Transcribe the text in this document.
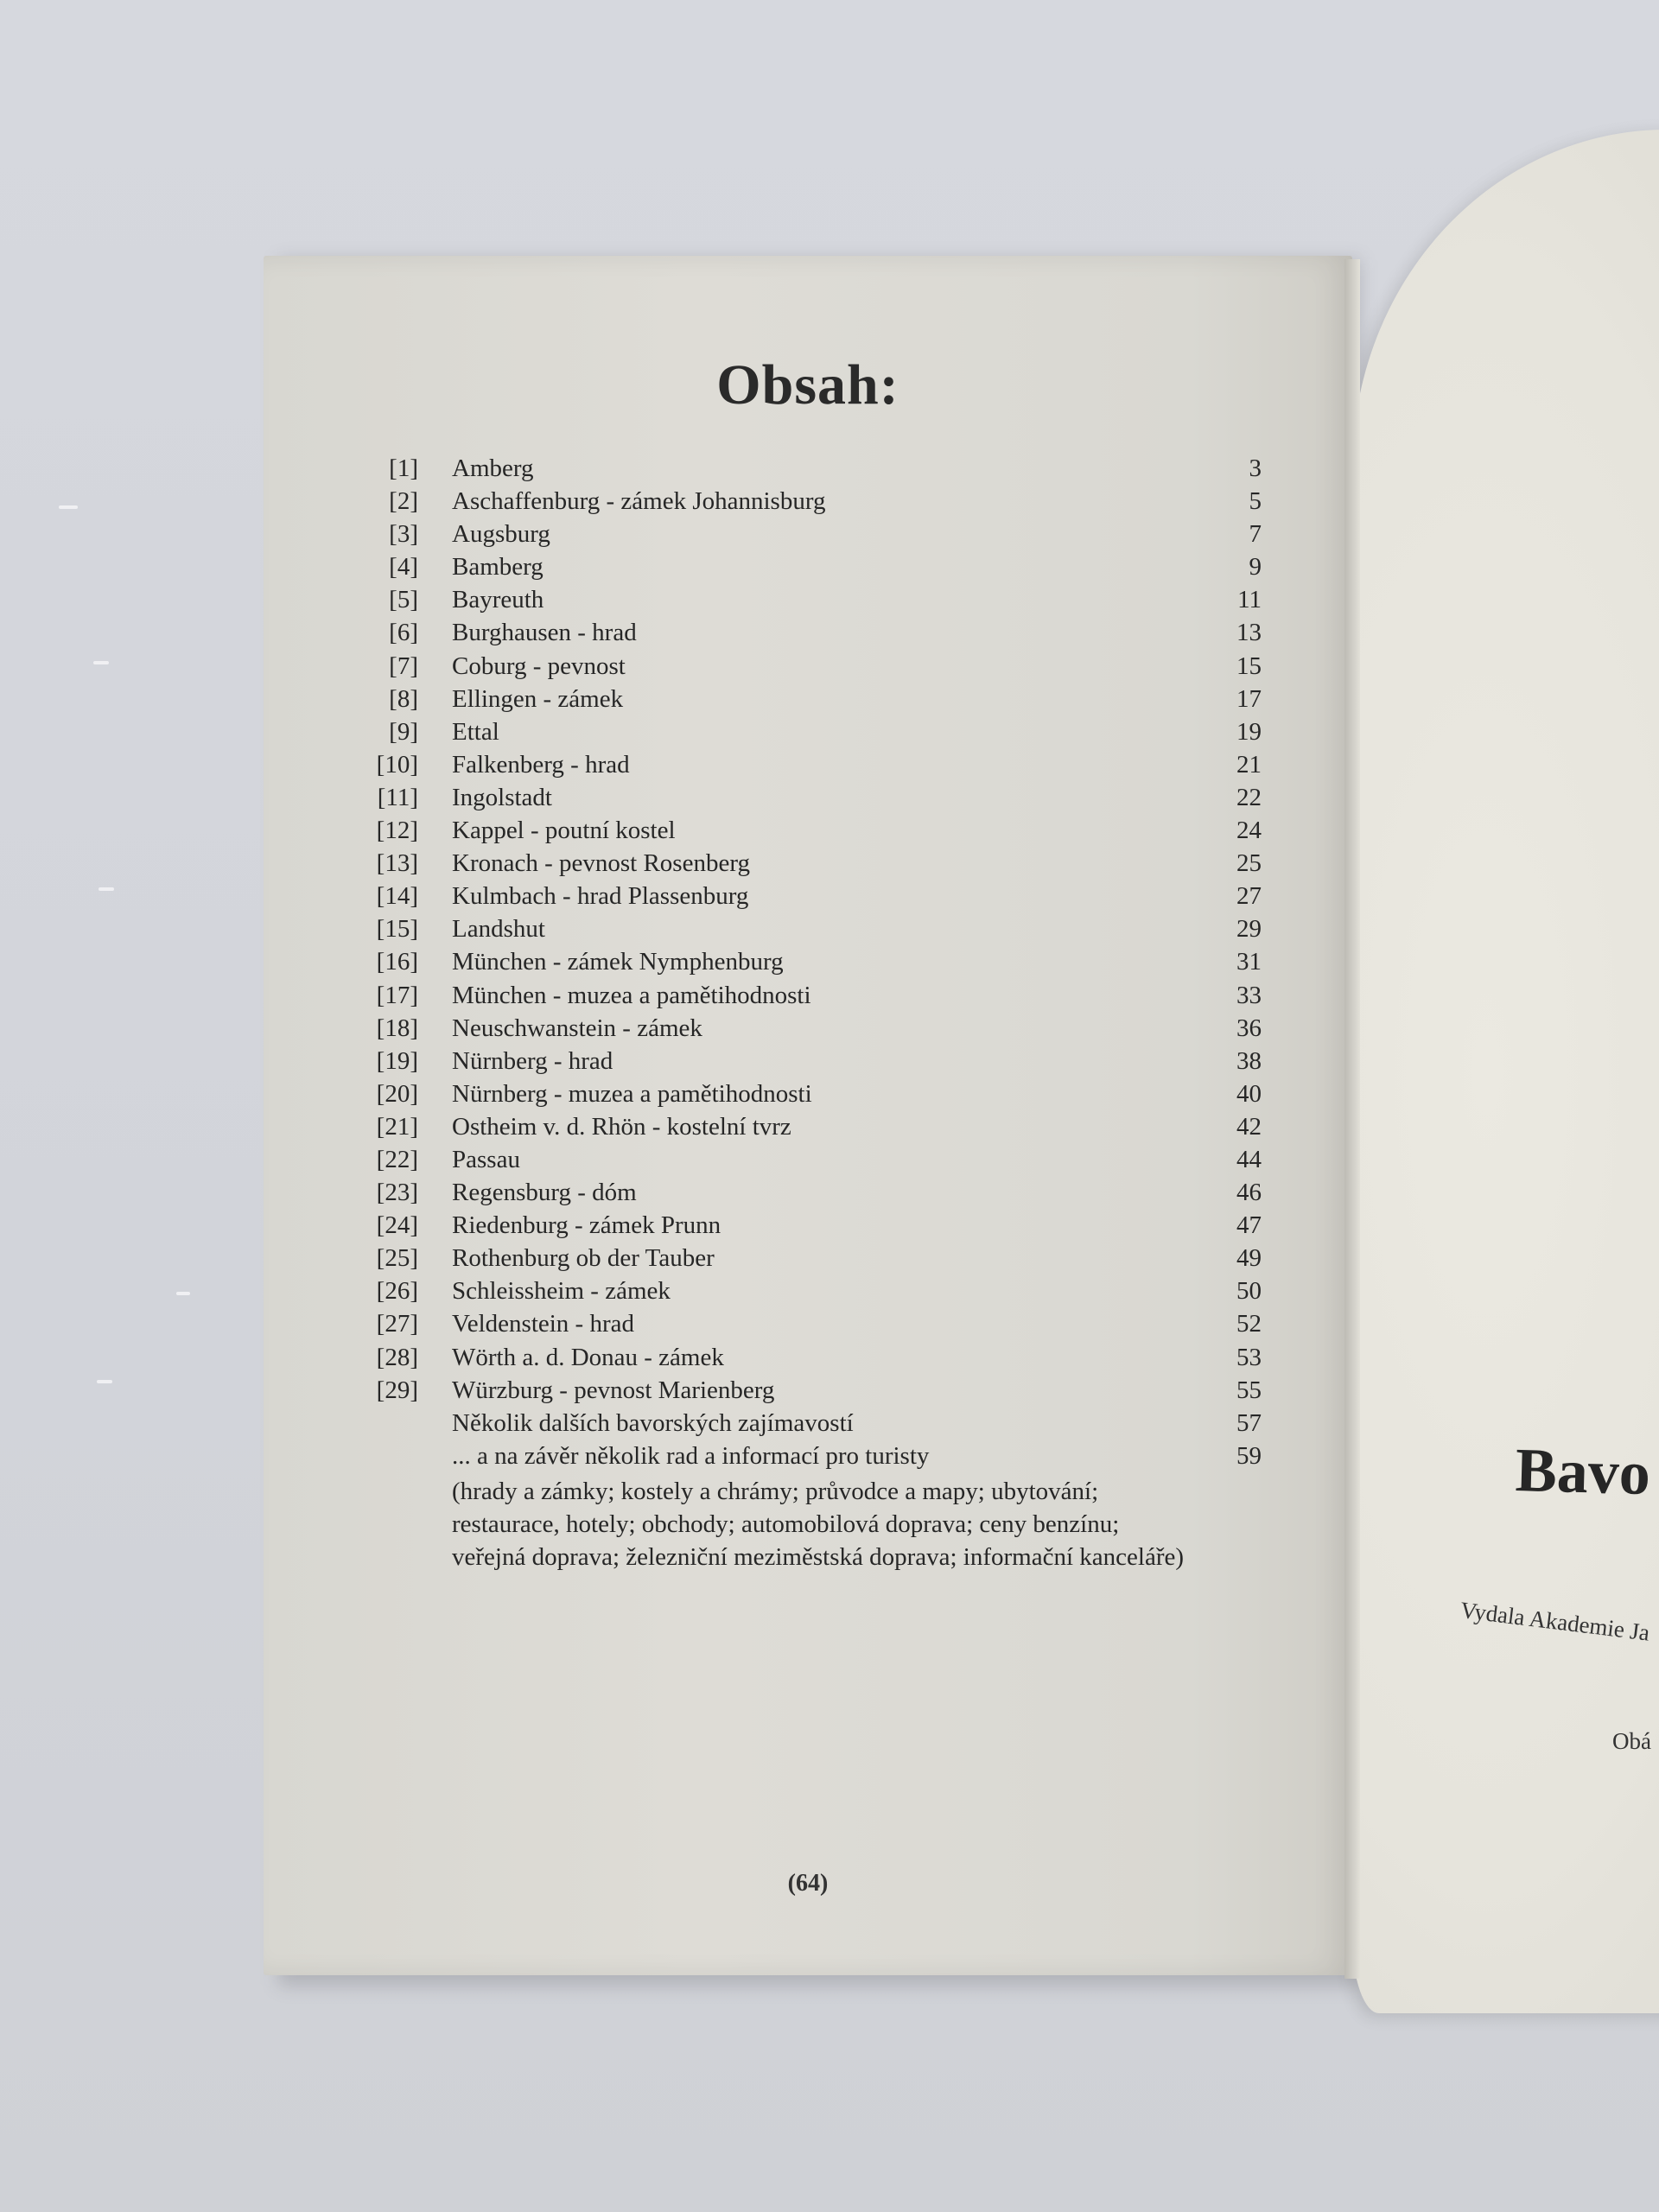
Obsah:
[1] Amberg	3
[2] Aschaffenburg - zámek Johannisburg	5
[3] Augsburg	7
[4] Bamberg	9
[5] Bayreuth	11
[6] Burghausen - hrad	13
[7] Coburg - pevnost	15
[8] Ellingen - zámek	17
[9] Ettal	19
[10] Falkenberg - hrad	21
[11] Ingolstadt	22
[12] Kappel - poutní kostel	24
[13] Kronach - pevnost Rosenberg	25
[14] Kulmbach - hrad Plassenburg	27
[15] Landshut	29
[16] München - zámek Nymphenburg	31
[17] München - muzea a pamětihodnosti	33
[18] Neuschwanstein - zámek	36
[19] Nürnberg - hrad	38
[20] Nürnberg - muzea a pamětihodnosti	40
[21] Ostheim v. d. Rhön - kostelní tvrz	42
[22] Passau	44
[23] Regensburg - dóm	46
[24] Riedenburg - zámek Prunn	47
[25] Rothenburg ob der Tauber	49
[26] Schleissheim - zámek	50
[27] Veldenstein - hrad	52
[28] Wörth a. d. Donau - zámek	53
[29] Würzburg - pevnost Marienberg	55
Několik dalších bavorských zajímavostí	57
... a na závěr několik rad a informací pro turisty	59
(hrady a zámky; kostely a chrámy; průvodce a mapy; ubytování;
restaurace, hotely; obchody; automobilová doprava; ceny benzínu;
veřejná doprava; železniční meziměstská doprava; informační kanceláře)
(64)
Bavo
Vydala Akademie Ja
Obá
